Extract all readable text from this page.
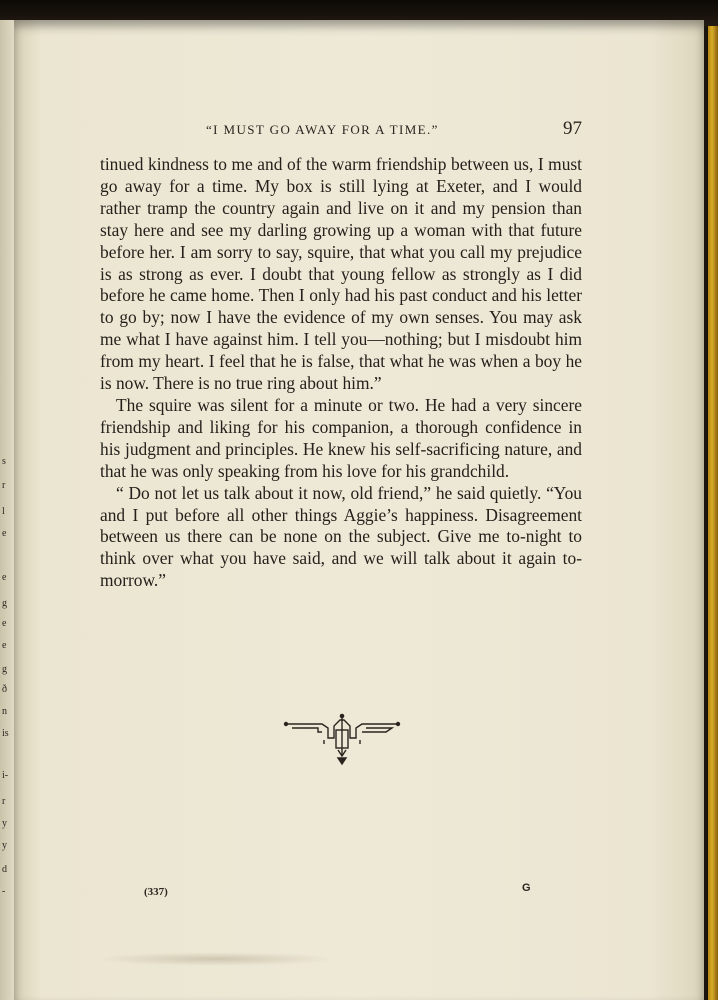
s
r
l
e
e
g
e
e
g
ð
n
is
i-
r
y
y
d
-
“I MUST GO AWAY FOR A TIME.”	97

tinued kindness to me and of the warm friendship between us, I must go away for a time. My box is still lying at Exeter, and I would rather tramp the country again and live on it and my pension than stay here and see my darling growing up a woman with that future before her. I am sorry to say, squire, that what you call my prejudice is as strong as ever. I doubt that young fellow as strongly as I did before he came home. Then I only had his past conduct and his letter to go by; now I have the evidence of my own senses. You may ask me what I have against him. I tell you—nothing; but I misdoubt him from my heart. I feel that he is false, that what he was when a boy he is now. There is no true ring about him.”

The squire was silent for a minute or two. He had a very sincere friendship and liking for his companion, a thorough confidence in his judgment and principles. He knew his self-sacrificing nature, and that he was only speaking from his love for his grandchild.

“ Do not let us talk about it now, old friend,” he said quietly. “You and I put before all other things Aggie’s happiness. Disagreement between us there can be none on the subject. Give me to-night to think over what you have said, and we will talk about it again to-morrow.”

(337)	G
